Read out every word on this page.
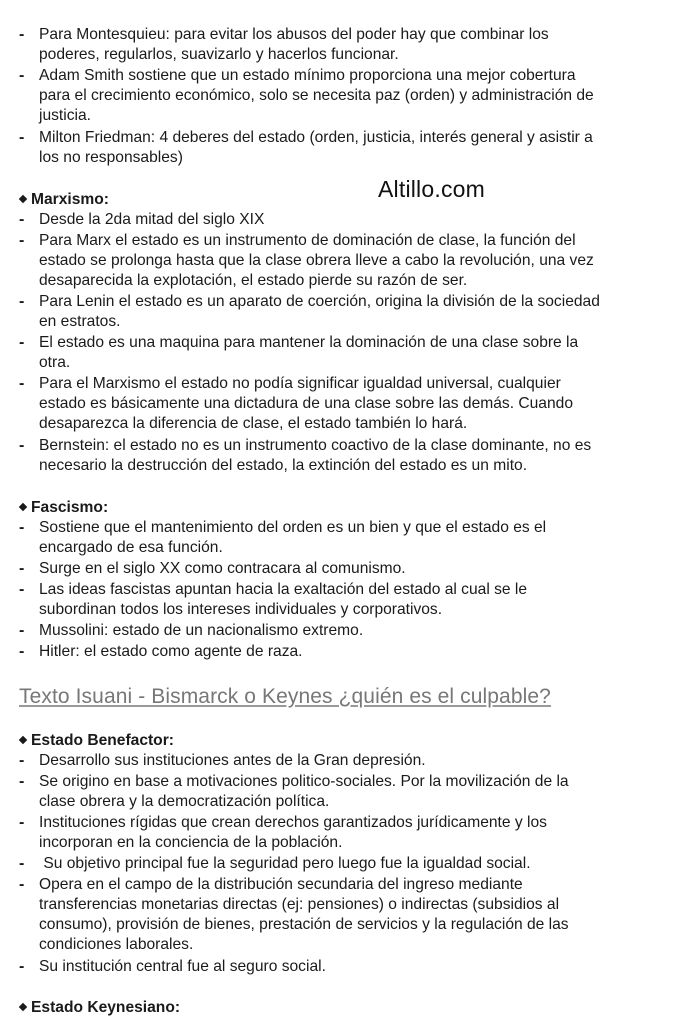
Altillo.com
- Para Montesquieu: para evitar los abusos del poder hay que combinar los
poderes, regularlos, suavizarlo y hacerlos funcionar.
- Adam Smith sostiene que un estado mínimo proporciona una mejor cobertura
para el crecimiento económico, solo se necesita paz (orden) y administración de
justicia.
- Milton Friedman: 4 deberes del estado (orden, justicia, interés general y asistir a
los no responsables)
Marxismo:
- Desde la 2da mitad del siglo XIX
- Para Marx el estado es un instrumento de dominación de clase, la función del
estado se prolonga hasta que la clase obrera lleve a cabo la revolución, una vez
desaparecida la explotación, el estado pierde su razón de ser.
- Para Lenin el estado es un aparato de coerción, origina la división de la sociedad
en estratos.
- El estado es una maquina para mantener la dominación de una clase sobre la
otra.
- Para el Marxismo el estado no podía significar igualdad universal, cualquier
estado es básicamente una dictadura de una clase sobre las demás. Cuando
desaparezca la diferencia de clase, el estado también lo hará.
- Bernstein: el estado no es un instrumento coactivo de la clase dominante, no es
necesario la destrucción del estado, la extinción del estado es un mito.
Fascismo:
- Sostiene que el mantenimiento del orden es un bien y que el estado es el
encargado de esa función.
- Surge en el siglo XX como contracara al comunismo.
- Las ideas fascistas apuntan hacia la exaltación del estado al cual se le
subordinan todos los intereses individuales y corporativos.
- Mussolini: estado de un nacionalismo extremo.
- Hitler: el estado como agente de raza.
Texto Isuani - Bismarck o Keynes ¿quién es el culpable?
Estado Benefactor:
- Desarrollo sus instituciones antes de la Gran depresión.
- Se origino en base a motivaciones politico-sociales. Por la movilización de la
clase obrera y la democratización política.
- Instituciones rígidas que crean derechos garantizados jurídicamente y los
incorporan en la conciencia de la población.
- Su objetivo principal fue la seguridad pero luego fue la igualdad social.
- Opera en el campo de la distribución secundaria del ingreso mediante
transferencias monetarias directas (ej: pensiones) o indirectas (subsidios al
consumo), provisión de bienes, prestación de servicios y la regulación de las
condiciones laborales.
- Su institución central fue al seguro social.
Estado Keynesiano:
